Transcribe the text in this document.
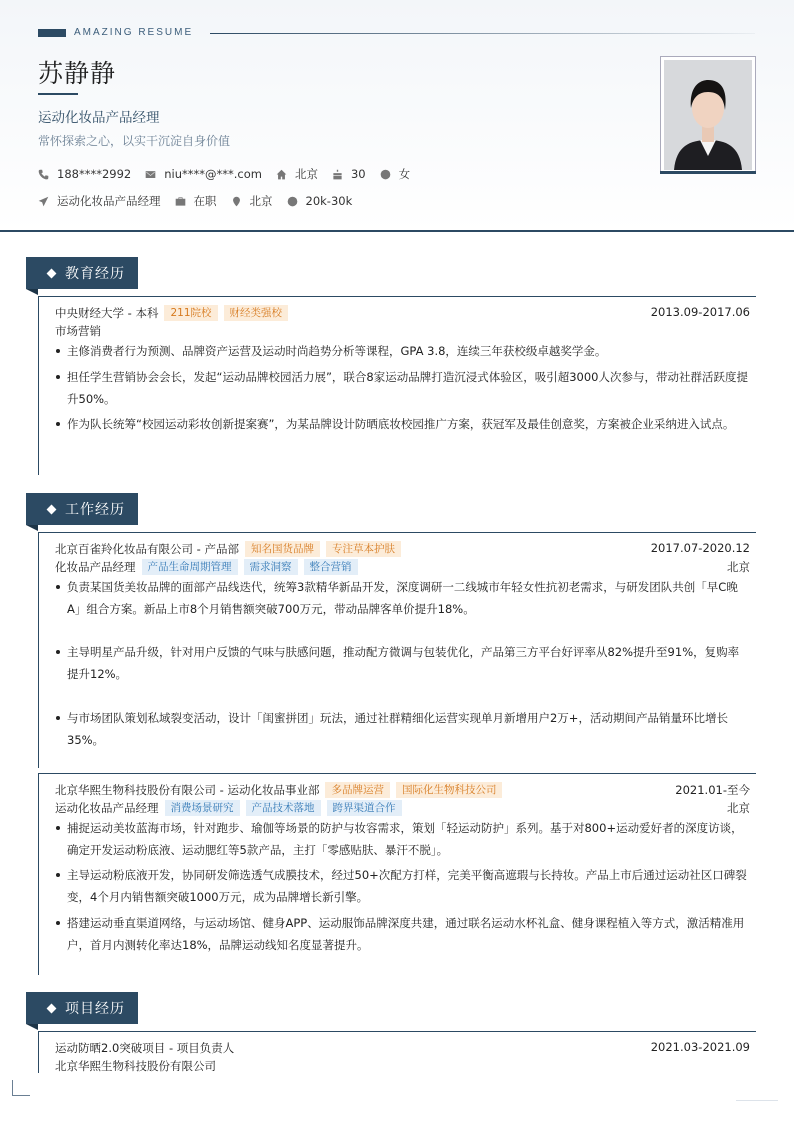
AMAZING RESUME
苏静静
运动化妆品产品经理
常怀探索之心，以实干沉淀自身价值
188****2992	niu****@***.com	北京	30	女
运动化妆品产品经理	在职	北京	20k-30k
教育经历
中央财经大学 - 本科	211院校	财经类强校	2013.09-2017.06
市场营销
主修消费者行为预测、品牌资产运营及运动时尚趋势分析等课程，GPA 3.8，连续三年获校级卓越奖学金。
担任学生营销协会会长，发起“运动品牌校园活力展”，联合8家运动品牌打造沉浸式体验区，吸引超3000人次参与，带动社群活跃度提升50%。
作为队长统筹“校园运动彩妆创新提案赛”，为某品牌设计防晒底妆校园推广方案，获冠军及最佳创意奖，方案被企业采纳进入试点。
工作经历
北京百雀羚化妆品有限公司 - 产品部	知名国货品牌	专注草本护肤	2017.07-2020.12
化妆品产品经理	产品生命周期管理	需求洞察	整合营销	北京
负责某国货美妆品牌的面部产品线迭代，统筹3款精华新品开发，深度调研一二线城市年轻女性抗初老需求，与研发团队共创「早C晚A」组合方案。新品上市8个月销售额突破700万元，带动品牌客单价提升18%。
主导明星产品升级，针对用户反馈的气味与肤感问题，推动配方微调与包装优化，产品第三方平台好评率从82%提升至91%，复购率提升12%。
与市场团队策划私域裂变活动，设计「闺蜜拼团」玩法，通过社群精细化运营实现单月新增用户2万+，活动期间产品销量环比增长35%。
北京华熙生物科技股份有限公司 - 运动化妆品事业部	多品牌运营	国际化生物科技公司	2021.01-至今
运动化妆品产品经理	消费场景研究	产品技术落地	跨界渠道合作	北京
捕捉运动美妆蓝海市场，针对跑步、瑜伽等场景的防护与妆容需求，策划「轻运动防护」系列。基于对800+运动爱好者的深度访谈，确定开发运动粉底液、运动腮红等5款产品，主打「零感贴肤、暴汗不脱」。
主导运动粉底液开发，协同研发筛选透气成膜技术，经过50+次配方打样，完美平衡高遮瑕与长持妆。产品上市后通过运动社区口碑裂变，4个月内销售额突破1000万元，成为品牌增长新引擎。
搭建运动垂直渠道网络，与运动场馆、健身APP、运动服饰品牌深度共建，通过联名运动水杯礼盒、健身课程植入等方式，激活精准用户，首月内测转化率达18%，品牌运动线知名度显著提升。
项目经历
运动防晒2.0突破项目 - 项目负责人	2021.03-2021.09
北京华熙生物科技股份有限公司
